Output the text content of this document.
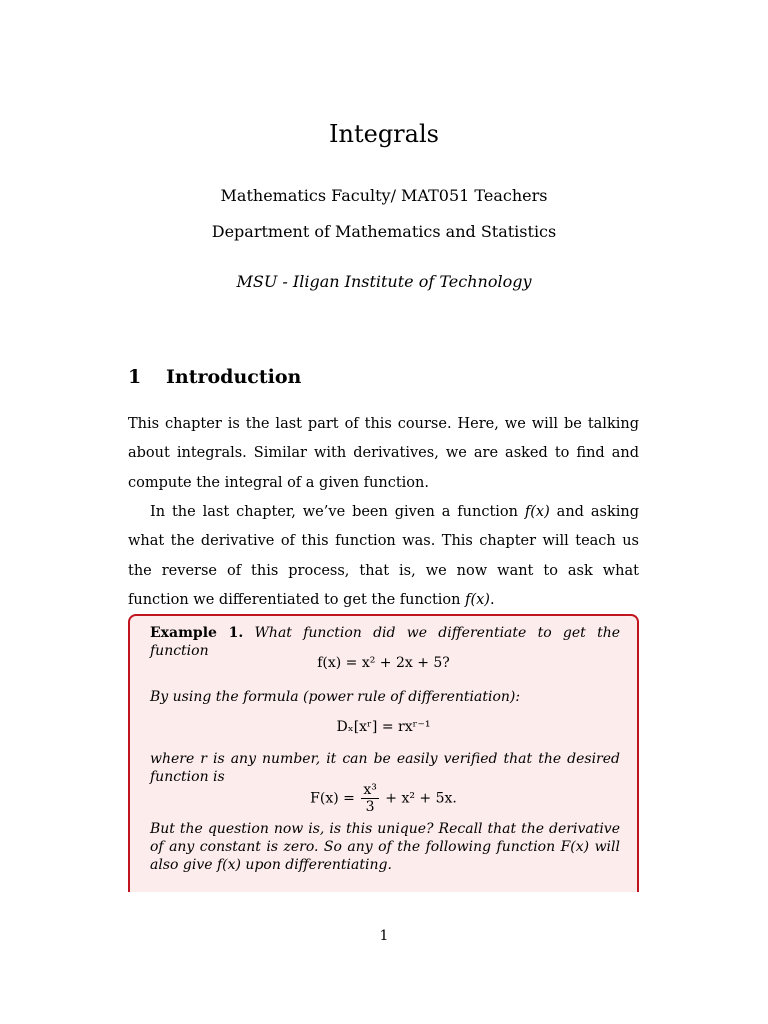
Integrals
Mathematics Faculty/ MAT051 Teachers
Department of Mathematics and Statistics
MSU - Iligan Institute of Technology
1 Introduction
This chapter is the last part of this course. Here, we will be talking about integrals. Similar with derivatives, we are asked to find and compute the integral of a given function.
In the last chapter, we’ve been given a function f(x) and asking what the derivative of this function was. This chapter will teach us the reverse of this process, that is, we now want to ask what function we differentiated to get the function f(x).
Example 1. What function did we differentiate to get the function
f(x) = x² + 2x + 5?
By using the formula (power rule of differentiation):
Dₓ[xʳ] = rxʳ⁻¹
where r is any number, it can be easily verified that the desired function is
$F(x) = \frac{\text{x³}}{3} + x^2 + 5x$.
But the question now is, is this unique? Recall that the derivative of any constant is zero. So any of the following function F(x) will also give f(x) upon differentiating.
1
